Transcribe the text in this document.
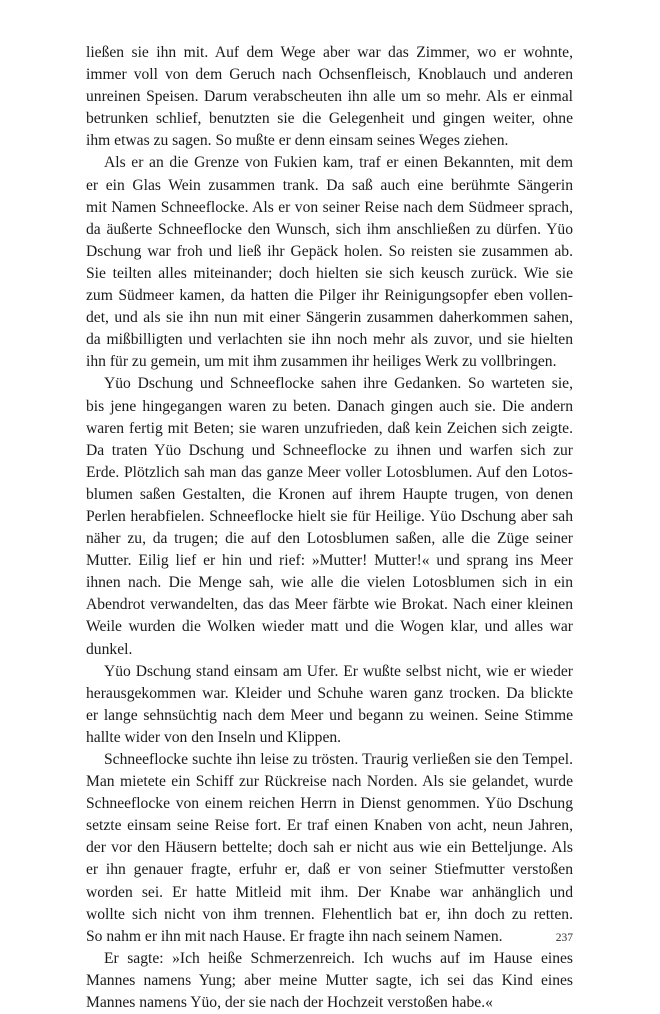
ließen sie ihn mit. Auf dem Wege aber war das Zimmer, wo er wohnte,
immer voll von dem Geruch nach Ochsenfleisch, Knoblauch und anderen
unreinen Speisen. Darum verabscheuten ihn alle um so mehr. Als er einmal
betrunken schlief, benutzten sie die Gelegenheit und gingen weiter, ohne
ihm etwas zu sagen. So mußte er denn einsam seines Weges ziehen.
Als er an die Grenze von Fukien kam, traf er einen Bekannten, mit dem
er ein Glas Wein zusammen trank. Da saß auch eine berühmte Sängerin
mit Namen Schneeflocke. Als er von seiner Reise nach dem Südmeer sprach,
da äußerte Schneeflocke den Wunsch, sich ihm anschließen zu dürfen. Yüo
Dschung war froh und ließ ihr Gepäck holen. So reisten sie zusammen ab.
Sie teilten alles miteinander; doch hielten sie sich keusch zurück. Wie sie
zum Südmeer kamen, da hatten die Pilger ihr Reinigungsopfer eben vollen-
det, und als sie ihn nun mit einer Sängerin zusammen daherkommen sahen,
da mißbilligten und verlachten sie ihn noch mehr als zuvor, und sie hielten
ihn für zu gemein, um mit ihm zusammen ihr heiliges Werk zu vollbringen.
Yüo Dschung und Schneeflocke sahen ihre Gedanken. So warteten sie,
bis jene hingegangen waren zu beten. Danach gingen auch sie. Die andern
waren fertig mit Beten; sie waren unzufrieden, daß kein Zeichen sich zeigte.
Da traten Yüo Dschung und Schneeflocke zu ihnen und warfen sich zur
Erde. Plötzlich sah man das ganze Meer voller Lotosblumen. Auf den Lotos-
blumen saßen Gestalten, die Kronen auf ihrem Haupte trugen, von denen
Perlen herabfielen. Schneeflocke hielt sie für Heilige. Yüo Dschung aber sah
näher zu, da trugen; die auf den Lotosblumen saßen, alle die Züge seiner
Mutter. Eilig lief er hin und rief: »Mutter! Mutter!« und sprang ins Meer
ihnen nach. Die Menge sah, wie alle die vielen Lotosblumen sich in ein
Abendrot verwandelten, das das Meer färbte wie Brokat. Nach einer kleinen
Weile wurden die Wolken wieder matt und die Wogen klar, und alles war
dunkel.
Yüo Dschung stand einsam am Ufer. Er wußte selbst nicht, wie er wieder
herausgekommen war. Kleider und Schuhe waren ganz trocken. Da blickte
er lange sehnsüchtig nach dem Meer und begann zu weinen. Seine Stimme
hallte wider von den Inseln und Klippen.
Schneeflocke suchte ihn leise zu trösten. Traurig verließen sie den Tempel.
Man mietete ein Schiff zur Rückreise nach Norden. Als sie gelandet, wurde
Schneeflocke von einem reichen Herrn in Dienst genommen. Yüo Dschung
setzte einsam seine Reise fort. Er traf einen Knaben von acht, neun Jahren,
der vor den Häusern bettelte; doch sah er nicht aus wie ein Betteljunge. Als
er ihn genauer fragte, erfuhr er, daß er von seiner Stiefmutter verstoßen
worden sei. Er hatte Mitleid mit ihm. Der Knabe war anhänglich und
wollte sich nicht von ihm trennen. Flehentlich bat er, ihn doch zu retten.
So nahm er ihn mit nach Hause. Er fragte ihn nach seinem Namen.
Er sagte: »Ich heiße Schmerzenreich. Ich wuchs auf im Hause eines
Mannes namens Yung; aber meine Mutter sagte, ich sei das Kind eines
Mannes namens Yüo, der sie nach der Hochzeit verstoßen habe.«
237
